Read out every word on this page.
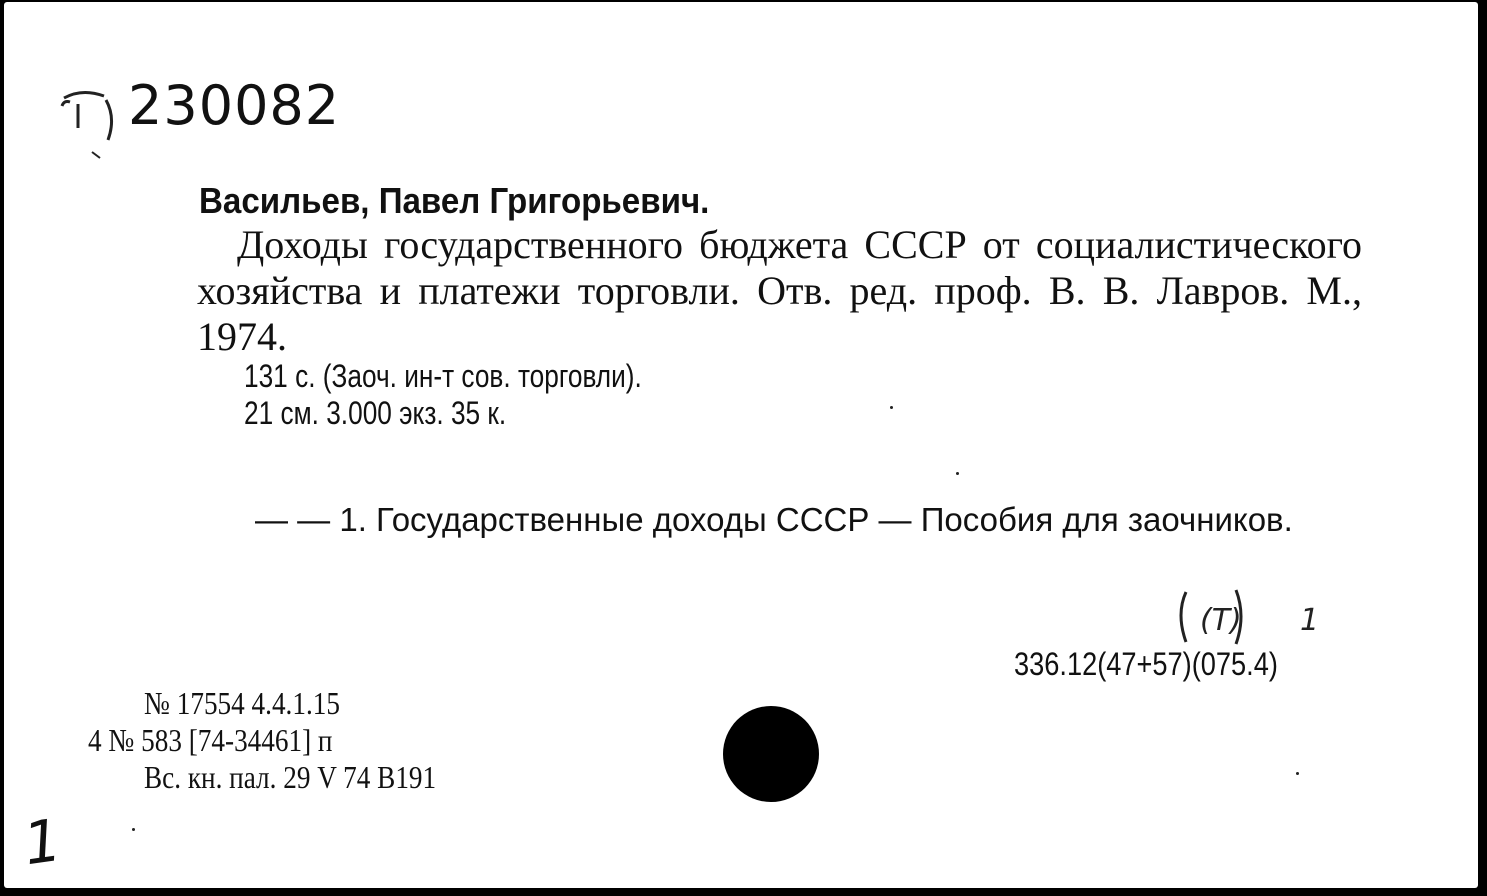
230082
Васильев, Павел Григорьевич.
Доходы государственного бюджета СССР от социалистического хозяйства и платежи торговли. Отв. ред. проф. В. В. Лавров. М., 1974.
131 с. (Заоч. ин-т сов. торговли).
21 см. 3.000 экз. 35 к.
— — 1. Государственные доходы СССР — Пособия для заочников.
(T) 1
336.12(47+57)(075.4)
№ 17554 4.4.1.15
4 № 583 [74-34461] п
Вс. кн. пал. 29 V 74 В191
1
